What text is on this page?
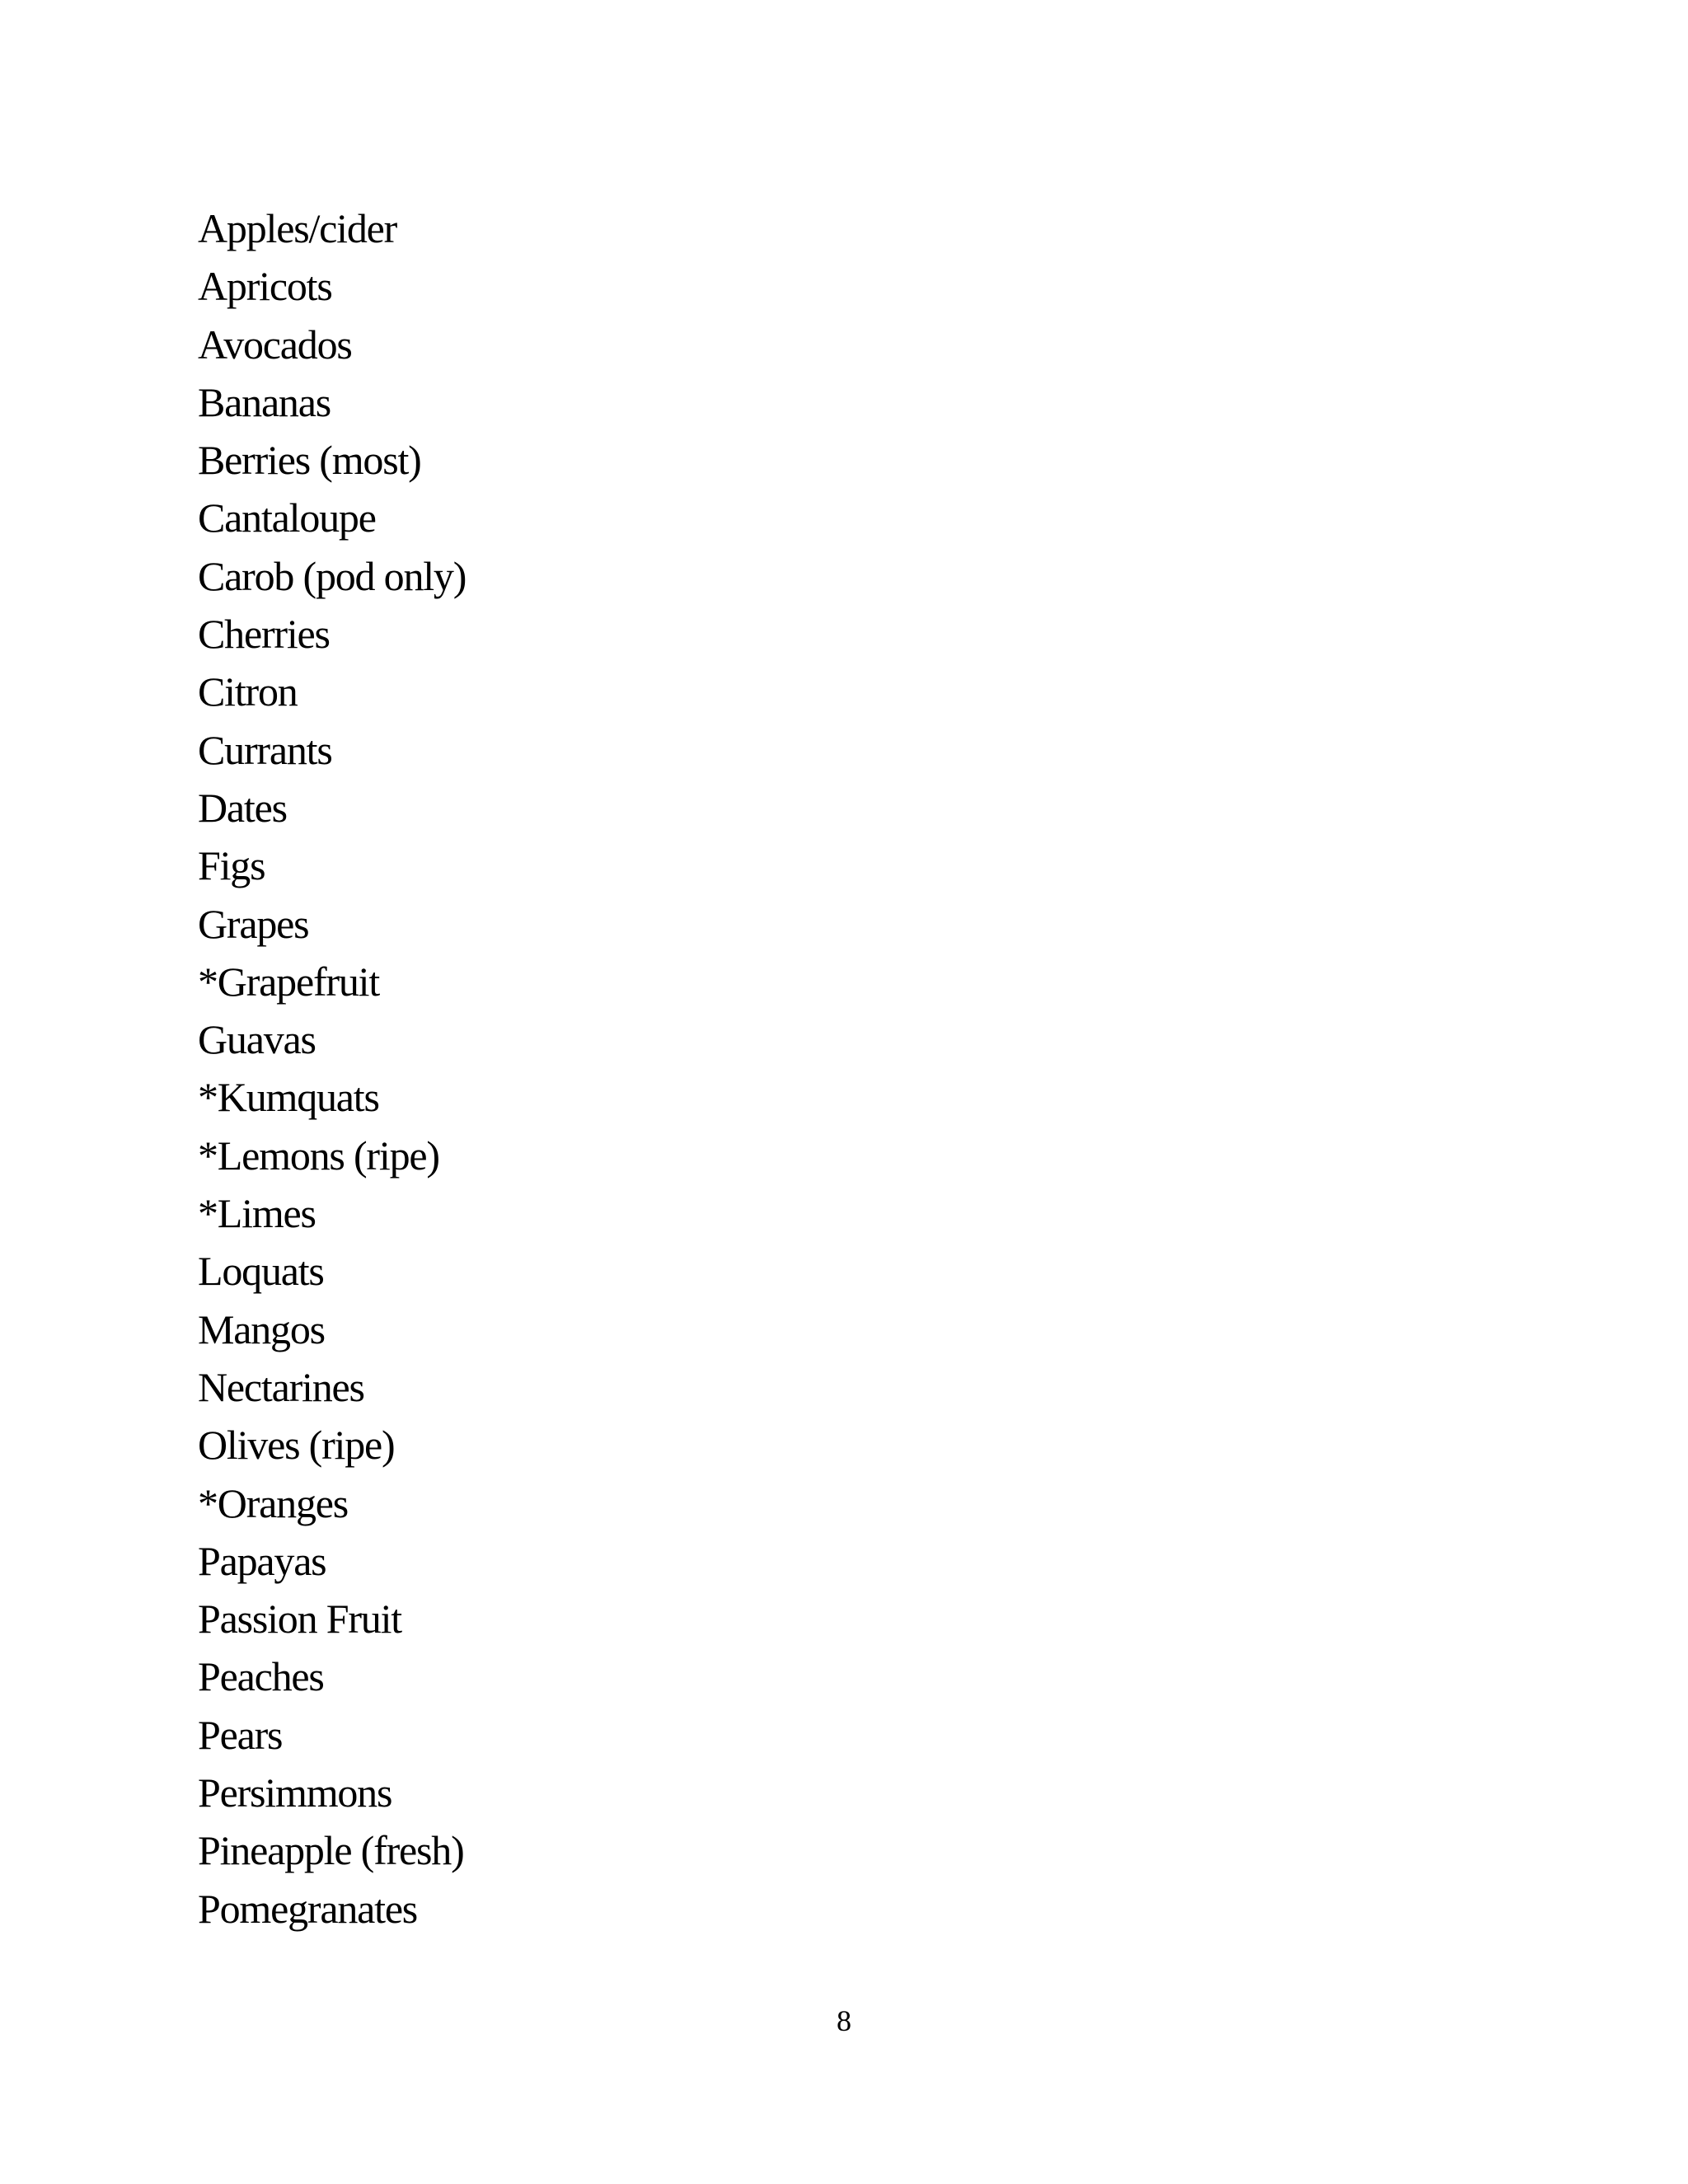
Apples/cider
Apricots
Avocados
Bananas
Berries (most)
Cantaloupe
Carob (pod only)
Cherries
Citron
Currants
Dates
Figs
Grapes
*Grapefruit
Guavas
*Kumquats
*Lemons (ripe)
*Limes
Loquats
Mangos
Nectarines
Olives (ripe)
*Oranges
Papayas
Passion Fruit
Peaches
Pears
Persimmons
Pineapple (fresh)
Pomegranates
8
